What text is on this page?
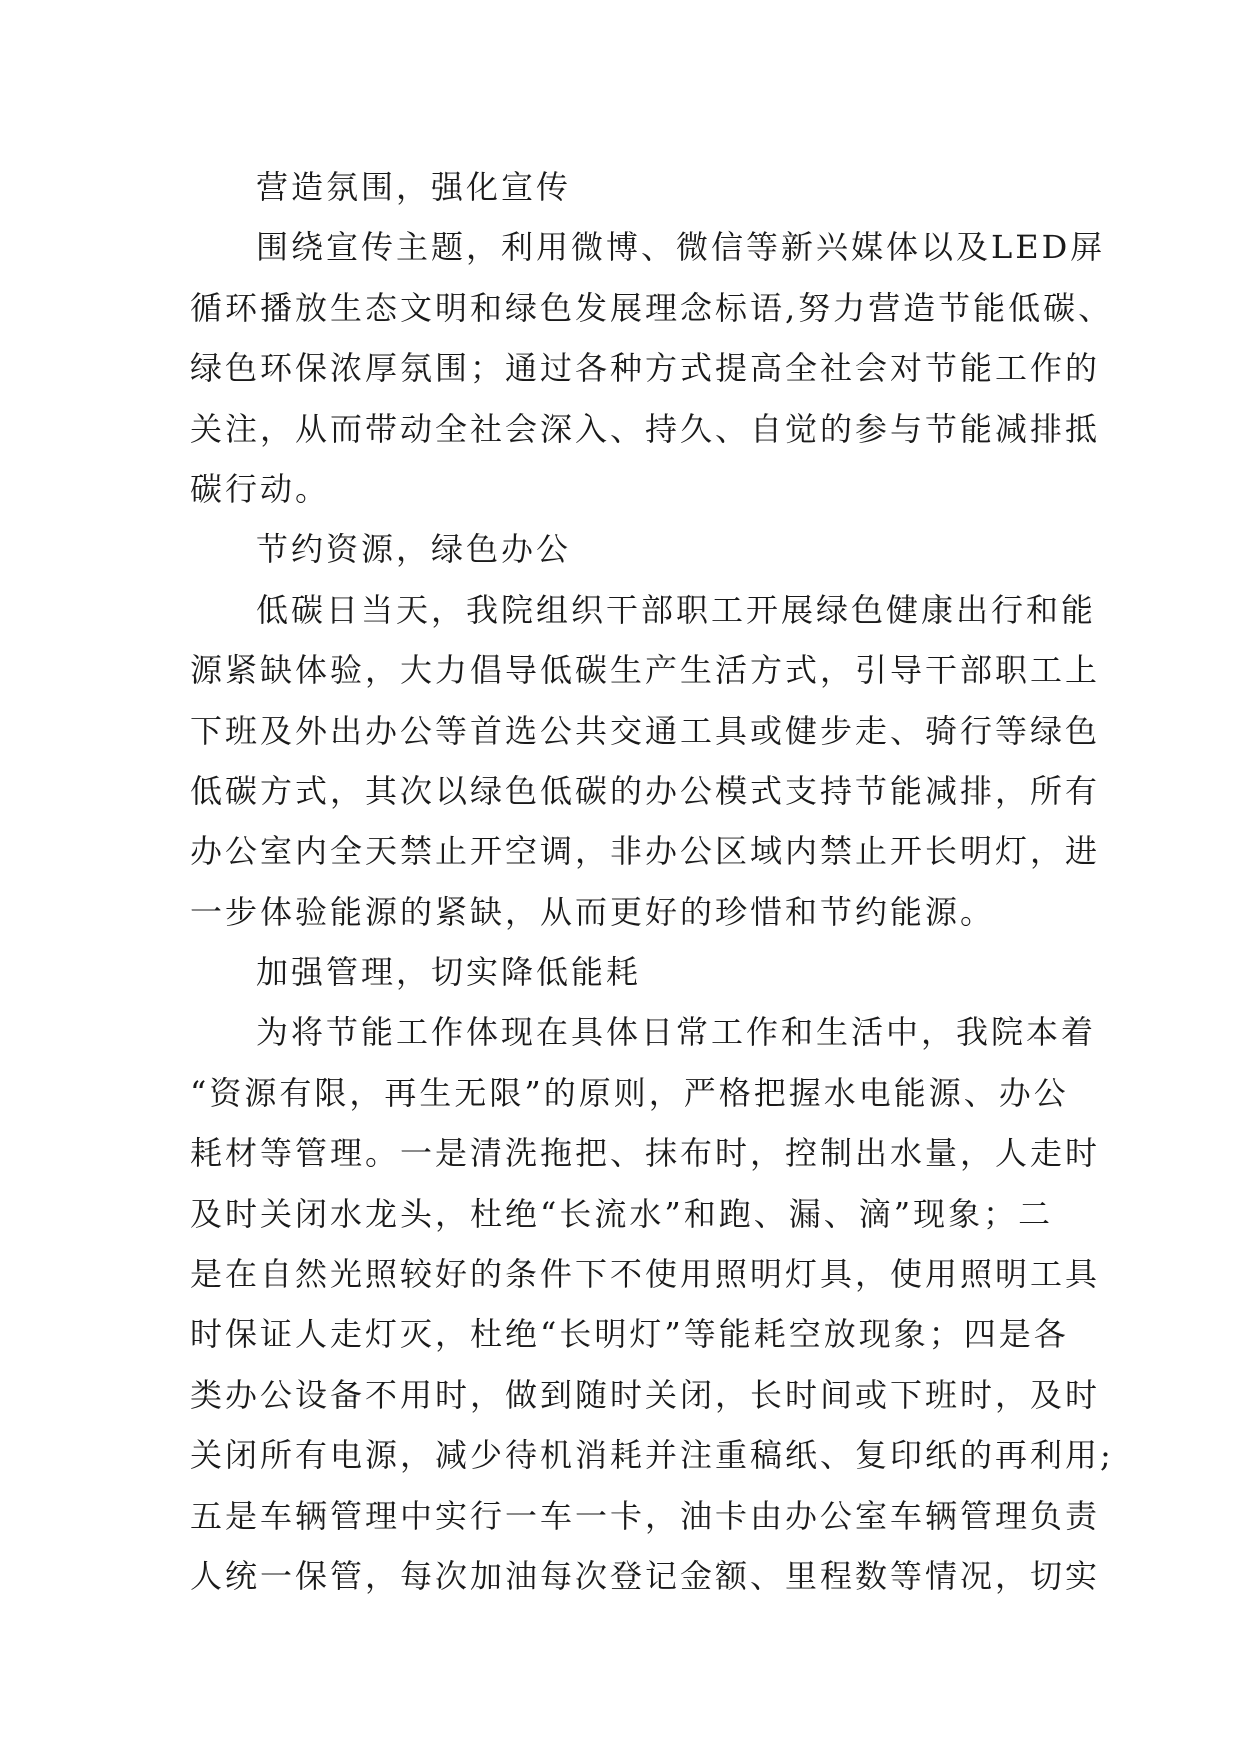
营造氛围，强化宣传
围绕宣传主题，利用微博、微信等新兴媒体以及LED屏
循环播放生态文明和绿色发展理念标语,努力营造节能低碳、
绿色环保浓厚氛围；通过各种方式提高全社会对节能工作的
关注，从而带动全社会深入、持久、自觉的参与节能减排抵
碳行动。
节约资源，绿色办公
低碳日当天，我院组织干部职工开展绿色健康出行和能
源紧缺体验，大力倡导低碳生产生活方式，引导干部职工上
下班及外出办公等首选公共交通工具或健步走、骑行等绿色
低碳方式，其次以绿色低碳的办公模式支持节能减排，所有
办公室内全天禁止开空调，非办公区域内禁止开长明灯，进
一步体验能源的紧缺，从而更好的珍惜和节约能源。
加强管理，切实降低能耗
为将节能工作体现在具体日常工作和生活中，我院本着
“资源有限，再生无限”的原则，严格把握水电能源、办公
耗材等管理。一是清洗拖把、抹布时，控制出水量，人走时
及时关闭水龙头，杜绝“长流水”和跑、漏、滴”现象；二
是在自然光照较好的条件下不使用照明灯具，使用照明工具
时保证人走灯灭，杜绝“长明灯”等能耗空放现象；四是各
类办公设备不用时，做到随时关闭，长时间或下班时，及时
关闭所有电源，减少待机消耗并注重稿纸、复印纸的再利用;
五是车辆管理中实行一车一卡，油卡由办公室车辆管理负责
人统一保管，每次加油每次登记金额、里程数等情况，切实
